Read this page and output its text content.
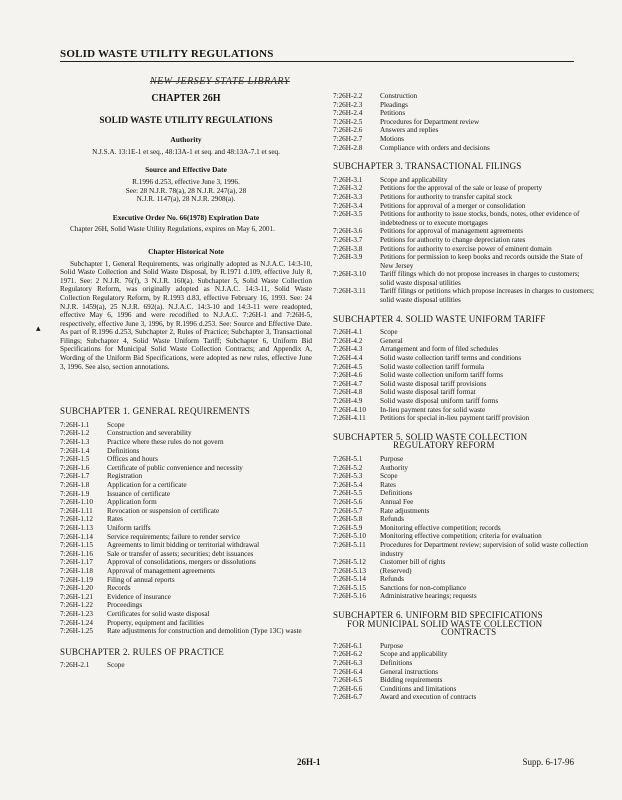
SOLID WASTE UTILITY REGULATIONS
NEW JERSEY STATE LIBRARY
▴
CHAPTER 26H
SOLID WASTE UTILITY REGULATIONS
Authority
N.J.S.A. 13:1E-1 et seq., 48:13A-1 et seq. and 48:13A-7.1 et seq.
Source and Effective Date
R.1996 d.253, effective June 3, 1996.
See: 28 N.J.R. 78(a), 28 N.J.R. 247(a), 28
N.J.R. 1147(a), 28 N.J.R. 2908(a).
Executive Order No. 66(1978) Expiration Date

Chapter 26H, Solid Waste Utility Regulations, expires on May 6, 2001.

Chapter Historical Note

Subchapter 1, General Requirements, was originally adopted as N.J.A.C. 14:3-10, Solid Waste Collection and Solid Waste Disposal, by R.1971 d.109, effective July 8, 1971. See: 2 N.J.R. 76(f), 3 N.J.R. 160(a). Subchapter 5, Solid Waste Collection Regulatory Reform, was originally adopted as N.J.A.C. 14:3-11, Solid Waste Collection Regulatory Reform, by R.1993 d.83, effective February 16, 1993. See: 24 N.J.R. 1459(a), 25 N.J.R. 692(a). N.J.A.C. 14:3-10 and 14:3-11 were readopted, effective May 6, 1996 and were recodified to N.J.A.C. 7:26H-1 and 7:26H-5, respectively, effective June 3, 1996, by R.1996 d.253. See: Source and Effective Date. As part of R.1996 d.253, Subchapter 2, Rules of Practice; Subchapter 3, Transactional Filings; Subchapter 4, Solid Waste Uniform Tariff; Subchapter 6, Uniform Bid Specifications for Municipal Solid Waste Collection Contracts; and Appendix A, Wording of the Uniform Bid Specifications, were adopted as new rules, effective June 3, 1996. See also, section annotations.

SUBCHAPTER 1. GENERAL REQUIREMENTS
7:26H-1.1	Scope
7:26H-1.2	Construction and severability
7:26H-1.3	Practice where these rules do not govern
7:26H-1.4	Definitions
7:26H-1.5	Offices and hours
7:26H-1.6	Certificate of public convenience and necessity
7:26H-1.7	Registration
7:26H-1.8	Application for a certificate
7:26H-1.9	Issuance of certificate
7:26H-1.10	Application form
7:26H-1.11	Revocation or suspension of certificate
7:26H-1.12	Rates
7:26H-1.13	Uniform tariffs
7:26H-1.14	Service requirements; failure to render service
7:26H-1.15	Agreements to limit bidding or territorial withdrawal
7:26H-1.16	Sale or transfer of assets; securities; debt issuances
7:26H-1.17	Approval of consolidations, mergers or dissolutions
7:26H-1.18	Approval of management agreements
7:26H-1.19	Filing of annual reports
7:26H-1.20	Records
7:26H-1.21	Evidence of insurance
7:26H-1.22	Proceedings
7:26H-1.23	Certificates for solid waste disposal
7:26H-1.24	Property, equipment and facilities
7:26H-1.25	Rate adjustments for construction and demolition (Type 13C) waste
SUBCHAPTER 2. RULES OF PRACTICE
7:26H-2.1	Scope
7:26H-2.2	Construction
7:26H-2.3	Pleadings
7:26H-2.4	Petitions
7:26H-2.5	Procedures for Department review
7:26H-2.6	Answers and replies
7:26H-2.7	Motions
7:26H-2.8	Compliance with orders and decisions
SUBCHAPTER 3. TRANSACTIONAL FILINGS
7:26H-3.1	Scope and applicability
7:26H-3.2	Petitions for the approval of the sale or lease of property
7:26H-3.3	Petitions for authority to transfer capital stock
7:26H-3.4	Petitions for approval of a merger or consolidation
7:26H-3.5	Petitions for authority to issue stocks, bonds, notes, other evidence of indebtedness or to execute mortgages
7:26H-3.6	Petitions for approval of management agreements
7:26H-3.7	Petitions for authority to change depreciation rates
7:26H-3.8	Petitions for authority to exercise power of eminent domain
7:26H-3.9	Petitions for permission to keep books and records outside the State of New Jersey
7:26H-3.10	Tariff filings which do not propose increases in charges to customers; solid waste disposal utilities
7:26H-3.11	Tariff filings or petitions which propose increases in charges to customers; solid waste disposal utilities
SUBCHAPTER 4. SOLID WASTE UNIFORM TARIFF
7:26H-4.1	Scope
7:26H-4.2	General
7:26H-4.3	Arrangement and form of filed schedules
7:26H-4.4	Solid waste collection tariff terms and conditions
7:26H-4.5	Solid waste collection tariff formula
7:26H-4.6	Solid waste collection uniform tariff forms
7:26H-4.7	Solid waste disposal tariff provisions
7:26H-4.8	Solid waste disposal tariff format
7:26H-4.9	Solid waste disposal uniform tariff forms
7:26H-4.10	In-lieu payment rates for solid waste
7:26H-4.11	Petitions for special in-lieu payment tariff provision
SUBCHAPTER 5. SOLID WASTE COLLECTION
REGULATORY REFORM
7:26H-5.1	Purpose
7:26H-5.2	Authority
7:26H-5.3	Scope
7:26H-5.4	Rates
7:26H-5.5	Definitions
7:26H-5.6	Annual Fee
7:26H-5.7	Rate adjustments
7:26H-5.8	Refunds
7:26H-5.9	Monitoring effective competition; records
7:26H-5.10	Monitoring effective competition; criteria for evaluation
7:26H-5.11	Procedures for Department review; supervision of solid waste collection industry
7:26H-5.12	Customer bill of rights
7:26H-5.13	(Reserved)
7:26H-5.14	Refunds
7:26H-5.15	Sanctions for non-compliance
7:26H-5.16	Administrative hearings; requests
SUBCHAPTER 6. UNIFORM BID SPECIFICATIONS
FOR MUNICIPAL SOLID WASTE COLLECTION
CONTRACTS
7:26H-6.1	Purpose
7:26H-6.2	Scope and applicability
7:26H-6.3	Definitions
7:26H-6.4	General instructions
7:26H-6.5	Bidding requirements
7:26H-6.6	Conditions and limitations
7:26H-6.7	Award and execution of contracts
26H-1	Supp. 6-17-96
